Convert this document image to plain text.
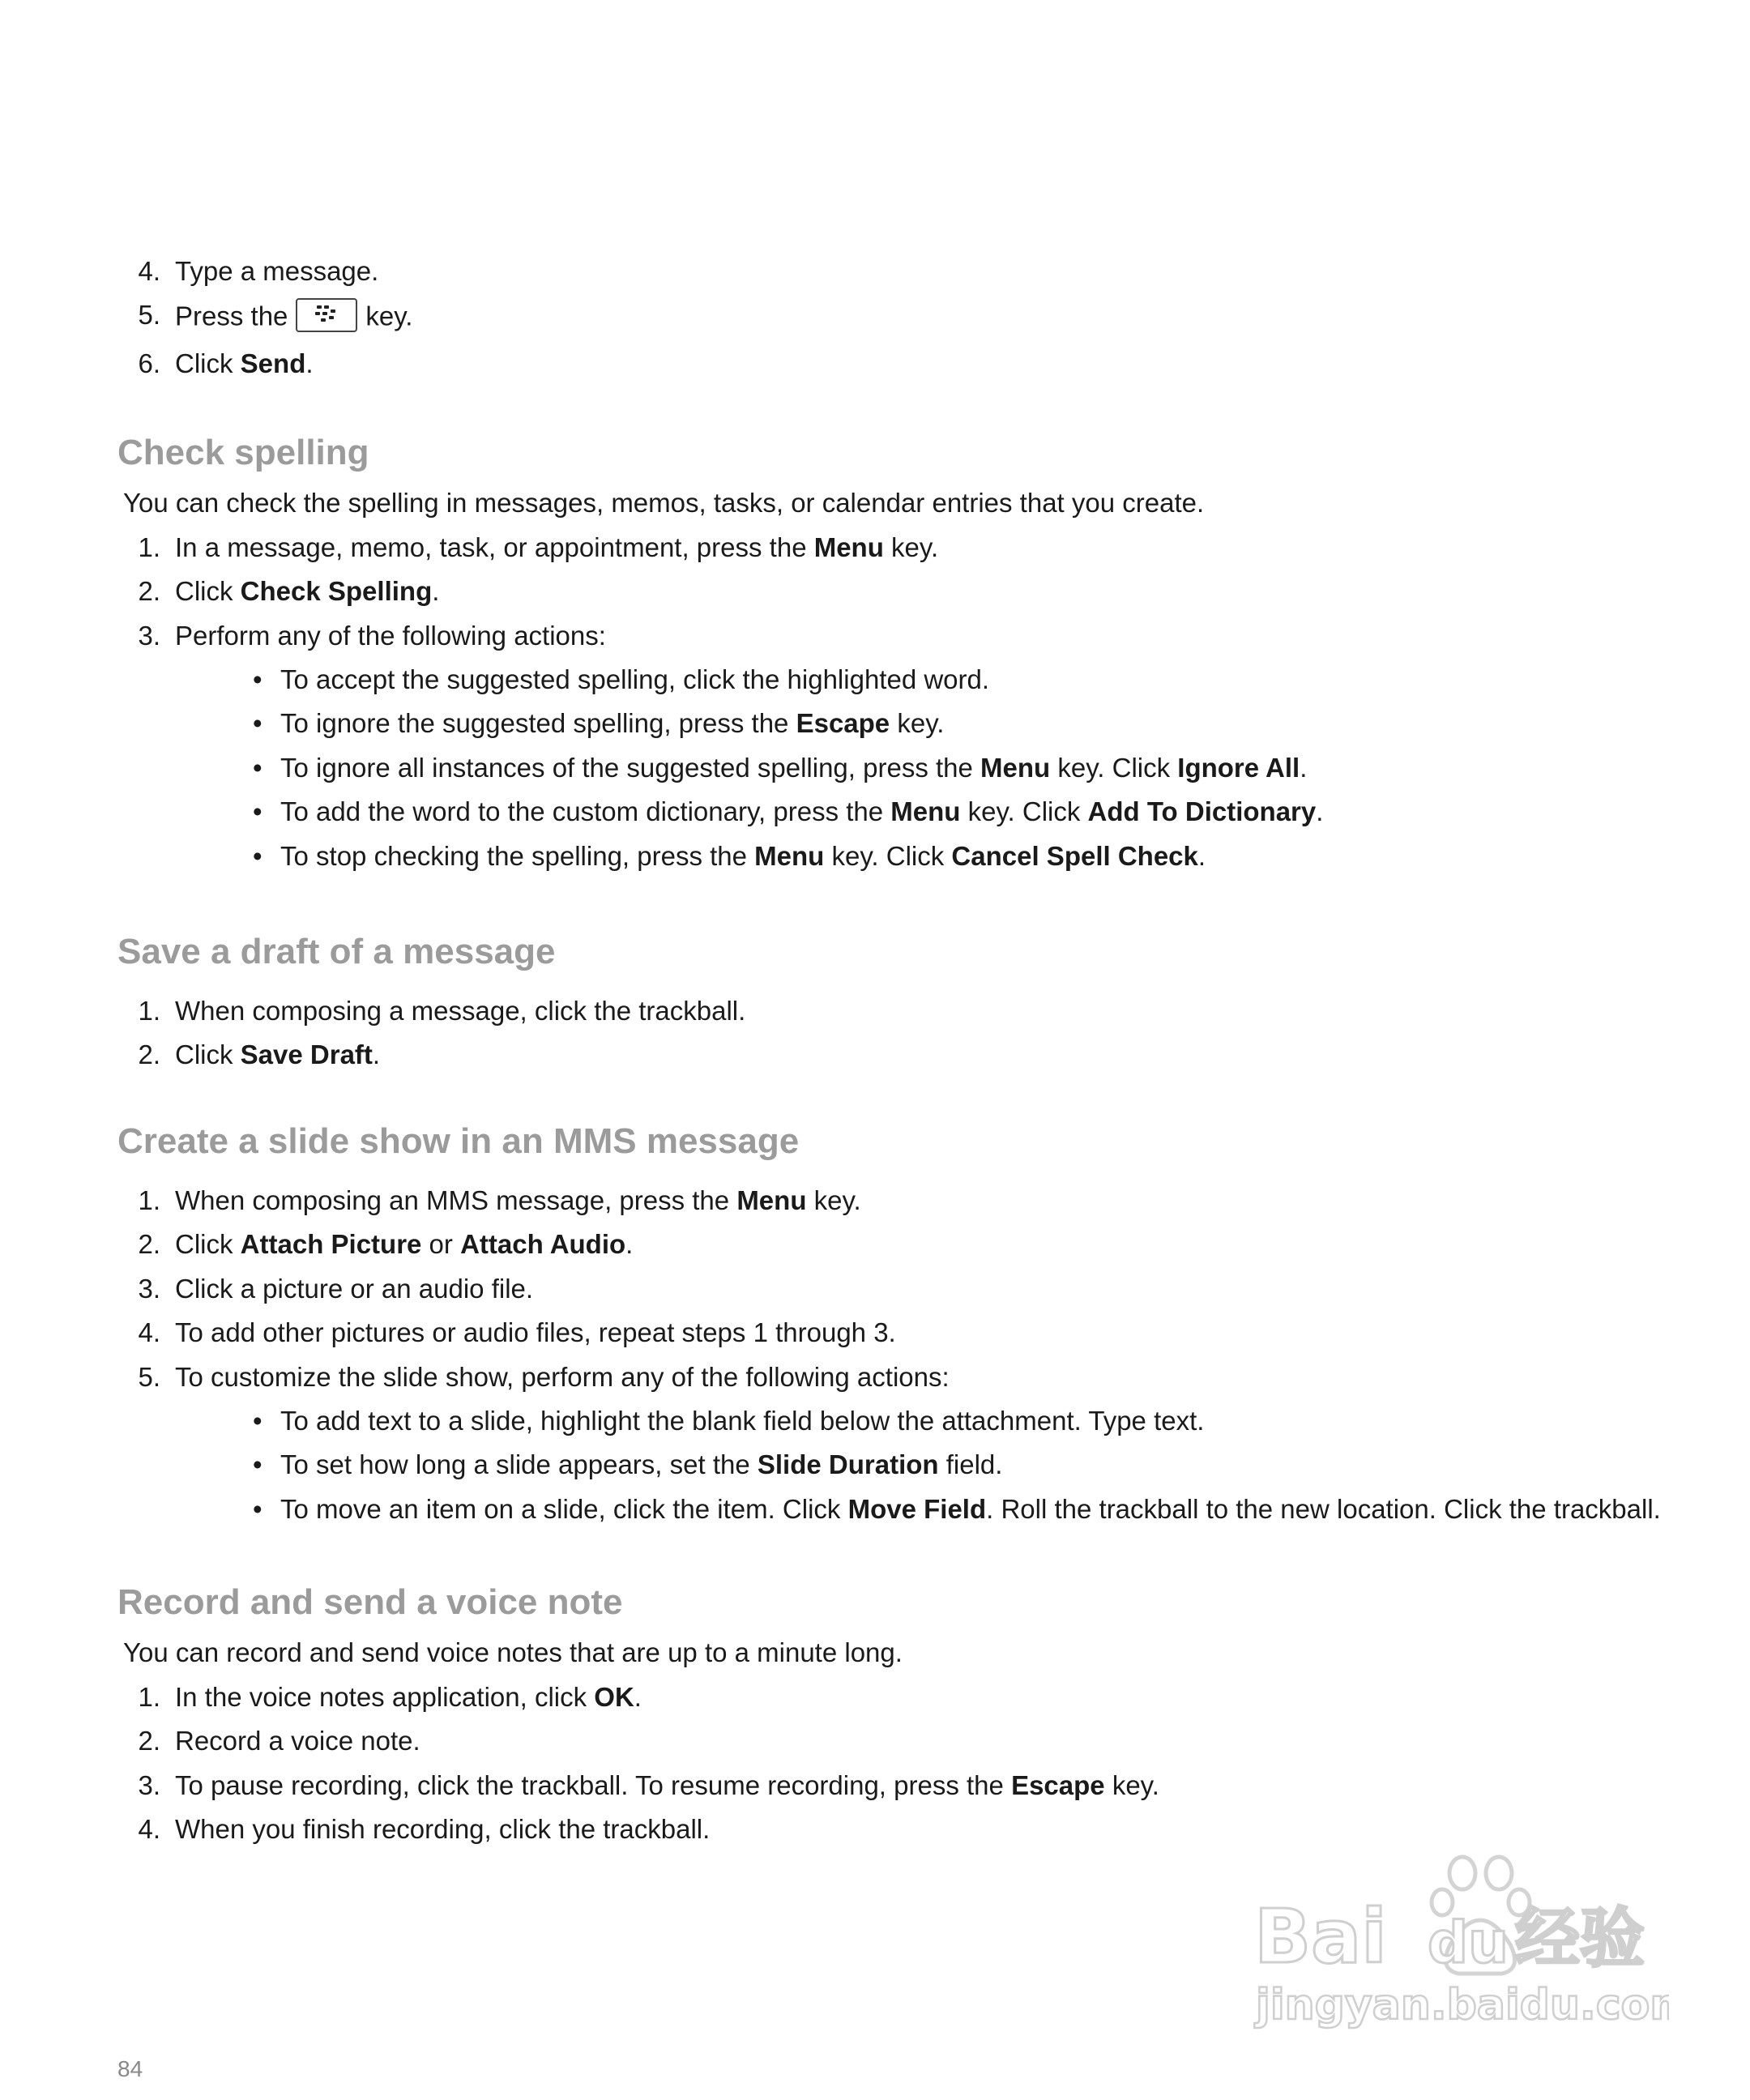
4. Type a message.
5. Press the	key.
6. Click Send.
Check spelling

You can check the spelling in messages, memos, tasks, or calendar entries that you create.

1. In a message, memo, task, or appointment, press the Menu key.
2. Click Check Spelling.
3. Perform any of the following actions:
• To accept the suggested spelling, click the highlighted word.
• To ignore the suggested spelling, press the Escape key.
• To ignore all instances of the suggested spelling, press the Menu key. Click Ignore All.
• To add the word to the custom dictionary, press the Menu key. Click Add To Dictionary.
• To stop checking the spelling, press the Menu key. Click Cancel Spell Check.
Save a draft of a message
1. When composing a message, click the trackball.
2. Click Save Draft.
Create a slide show in an MMS message
1. When composing an MMS message, press the Menu key.
2. Click Attach Picture or Attach Audio.
3. Click a picture or an audio file.
4. To add other pictures or audio files, repeat steps 1 through 3.
5. To customize the slide show, perform any of the following actions:
• To add text to a slide, highlight the blank field below the attachment. Type text.
• To set how long a slide appears, set the Slide Duration field.
• To move an item on a slide, click the item. Click Move Field. Roll the trackball to the new location. Click the trackball.
Record and send a voice note

You can record and send voice notes that are up to a minute long.

1. In the voice notes application, click OK.
2. Record a voice note.
3. To pause recording, click the trackball. To resume recording, press the Escape key.
4. When you finish recording, click the trackball.
Bai du 经验
jingyan.baidu.com
84
